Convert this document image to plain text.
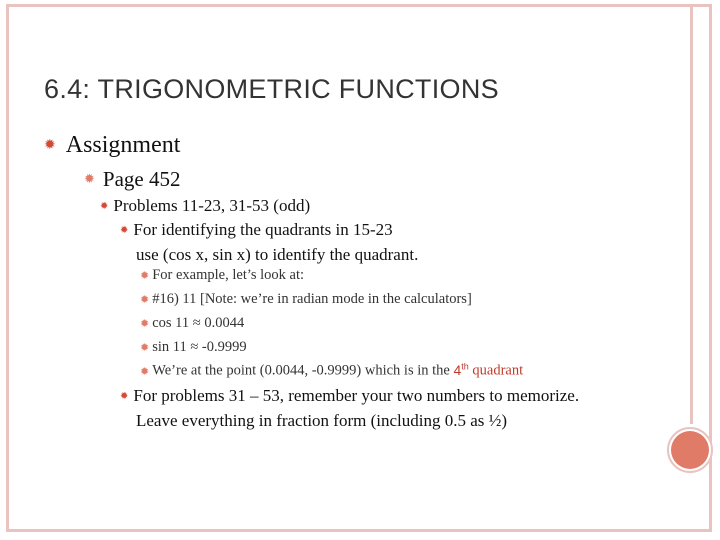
6.4: TRIGONOMETRIC FUNCTIONS
✹ Assignment
✹ Page 452
✹ Problems 11-23, 31-53 (odd)
✹ For identifying the quadrants in 15-23
use (cos x, sin x) to identify the quadrant.
✹ For example, let’s look at:
✹ #16) 11 [Note: we’re in radian mode in the calculators]
✹ cos 11 ≈ 0.0044
✹ sin 11 ≈ -0.9999
✹ We’re at the point (0.0044, -0.9999) which is in the 4th quadrant
✹ For problems 31 – 53, remember your two numbers to memorize.
Leave everything in fraction form (including 0.5 as ½)
